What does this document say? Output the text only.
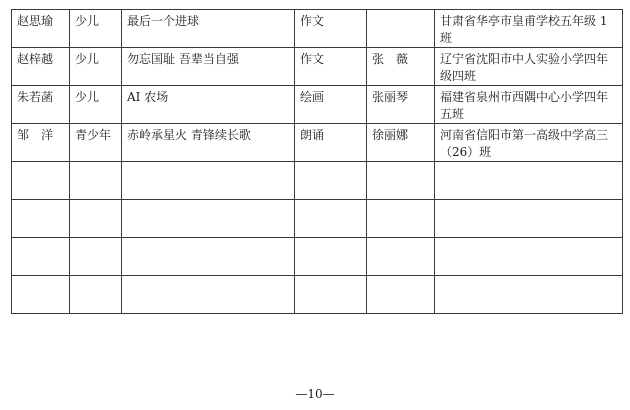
赵思瑜	少儿	最后一个进球	作文		甘肃省华亭市皇甫学校五年级 1 班
赵梓越	少儿	勿忘国耻 吾辈当自强	作文	张　薇	辽宁省沈阳市中人实验小学四年级四班
朱若菡	少儿	AI 农场	绘画	张丽琴	福建省泉州市西隅中心小学四年五班
邹　洋	青少年	赤岭承星火 青锋续长歌	朗诵	徐丽娜	河南省信阳市第一高级中学高三（26）班

—10—
